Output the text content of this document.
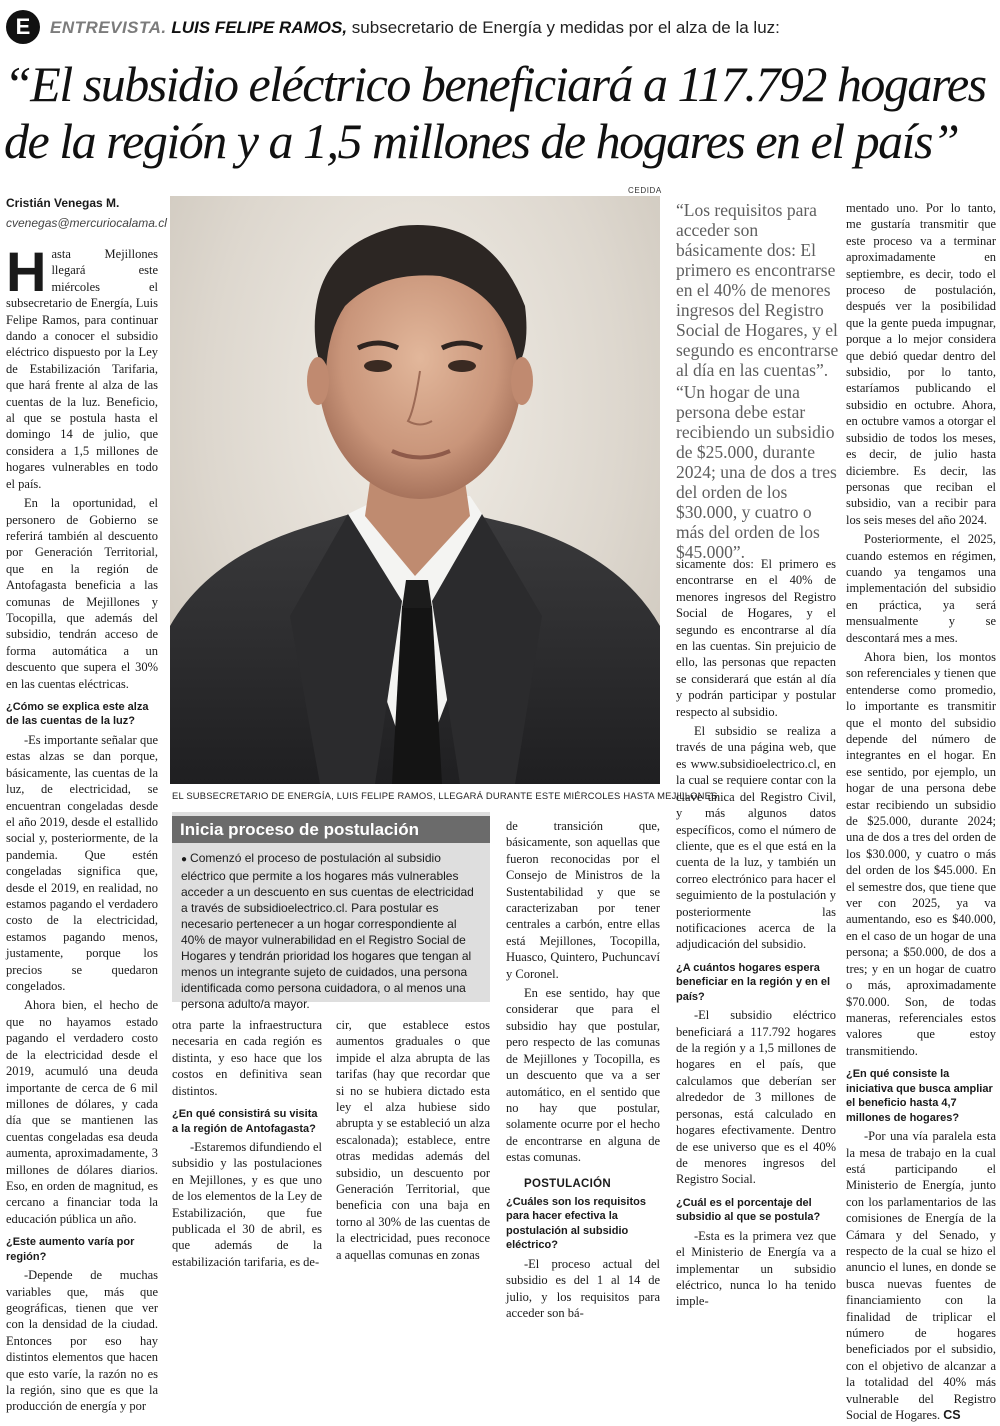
E	ENTREVISTA. LUIS FELIPE RAMOS, subsecretario de Energía y medidas por el alza de la luz:
“El subsidio eléctrico beneficiará a 117.792 hogares
de la región y a 1,5 millones de hogares en el país”
Cristián Venegas M.
cvenegas@mercuriocalama.cl

Hasta Mejillones llegará este miércoles el subsecretario de Energía, Luis Felipe Ramos, para continuar dando a conocer el subsidio eléctrico dispuesto por la Ley de Estabilización Tarifaria, que hará frente al alza de las cuentas de la luz. Beneficio, al que se postula hasta el domingo 14 de julio, que considera a 1,5 millones de hogares vulnerables en todo el país.

En la oportunidad, el personero de Gobierno se referirá también al descuento por Generación Territorial, que en la región de Antofagasta beneficia a las comunas de Mejillones y Tocopilla, que además del subsidio, tendrán acceso de forma automática a un descuento que supera el 30% en las cuentas eléctricas.

¿Cómo se explica este alza de las cuentas de la luz?

-Es importante señalar que estas alzas se dan porque, básicamente, las cuentas de la luz, de electricidad, se encuentran congeladas desde el año 2019, desde el estallido social y, posteriormente, de la pandemia. Que estén congeladas significa que, desde el 2019, en realidad, no estamos pagando el verdadero costo de la electricidad, estamos pagando menos, justamente, porque los precios se quedaron congelados.

Ahora bien, el hecho de que no hayamos estado pagando el verdadero costo de la electricidad desde el 2019, acumuló una deuda importante de cerca de 6 mil millones de dólares, y cada día que se mantienen las cuentas congeladas esa deuda aumenta, aproximadamente, 3 millones de dólares diarios. Eso, en orden de magnitud, es cercano a financiar toda la educación pública un año.

¿Este aumento varía por región?

-Depende de muchas variables que, más que geográficas, tienen que ver con la densidad de la ciudad. Entonces por eso hay distintos elementos que hacen que esto varíe, la razón no es la región, sino que es que la producción de energía y por

CEDIDA
EL SUBSECRETARIO DE ENERGÍA, LUIS FELIPE RAMOS, LLEGARÁ DURANTE ESTE MIÉRCOLES HASTA MEJILLONES.
Inicia proceso de postulación
● Comenzó el proceso de postulación al subsidio eléctrico que permite a los hogares más vulnerables acceder a un descuento en sus cuentas de electricidad a través de subsidioelectrico.cl. Para postular es necesario pertenecer a un hogar correspondiente al 40% de mayor vulnerabilidad en el Registro Social de Hogares y tendrán prioridad los hogares que tengan al menos un integrante sujeto de cuidados, una persona identificada como persona cuidadora, o al menos una persona adulto/a mayor.

otra parte la infraestructura necesaria en cada región es distinta, y eso hace que los costos en definitiva sean distintos.

¿En qué consistirá su visita a la región de Antofagasta?

-Estaremos difundiendo el subsidio y las postulaciones en Mejillones, y es que uno de los elementos de la Ley de Estabilización, que fue publicada el 30 de abril, es que además de la estabilización tarifaria, es de-

cir, que establece estos aumentos graduales o que impide el alza abrupta de las tarifas (hay que recordar que si no se hubiera dictado esta ley el alza hubiese sido abrupta y se estableció un alza escalonada); establece, entre otras medidas además del subsidio, un descuento por Generación Territorial, que beneficia con una baja en torno al 30% de las cuentas de la electricidad, pues reconoce a aquellas comunas en zonas

de transición que, básicamente, son aquellas que fueron reconocidas por el Consejo de Ministros de la Sustentabilidad y que se caracterizaban por tener centrales a carbón, entre ellas está Mejillones, Tocopilla, Huasco, Quintero, Puchuncaví y Coronel.

En ese sentido, hay que considerar que para el subsidio hay que postular, pero respecto de las comunas de Mejillones y Tocopilla, es un descuento que va a ser automático, en el sentido que no hay que postular, solamente ocurre por el hecho de encontrarse en alguna de estas comunas.

POSTULACIÓN

¿Cuáles son los requisitos para hacer efectiva la postulación al subsidio eléctrico?

-El proceso actual del subsidio es del 1 al 14 de julio, y los requisitos para acceder son bá-

“Los requisitos para acceder son básicamente dos: El primero es encontrarse en el 40% de menores ingresos del Registro Social de Hogares, y el segundo es encontrarse al día en las cuentas”.
“Un hogar de una persona debe estar recibiendo un subsidio de $25.000, durante 2024; una de dos a tres del orden de los $30.000, y cuatro o más del orden de los $45.000”.

sicamente dos: El primero es encontrarse en el 40% de menores ingresos del Registro Social de Hogares, y el segundo es encontrarse al día en las cuentas. Sin prejuicio de ello, las personas que repacten se considerará que están al día y podrán participar y postular respecto al subsidio.

El subsidio se realiza a través de una página web, que es www.subsidioelectrico.cl, en la cual se requiere contar con la clave única del Registro Civil, y más algunos datos específicos, como el número de cliente, que es el que está en la cuenta de la luz, y también un correo electrónico para hacer el seguimiento de la postulación y posteriormente las notificaciones acerca de la adjudicación del subsidio.

¿A cuántos hogares espera beneficiar en la región y en el país?

-El subsidio eléctrico beneficiará a 117.792 hogares de la región y a 1,5 millones de hogares en el país, que calculamos que deberían ser alrededor de 3 millones de personas, está calculado en hogares efectivamente. Dentro de ese universo que es el 40% de menores ingresos del Registro Social.

¿Cuál es el porcentaje del subsidio al que se postula?

-Esta es la primera vez que el Ministerio de Energía va a implementar un subsidio eléctrico, nunca lo ha tenido imple-

mentado uno. Por lo tanto, me gustaría transmitir que este proceso va a terminar aproximadamente en septiembre, es decir, todo el proceso de postulación, después ver la posibilidad que la gente pueda impugnar, porque a lo mejor considera que debió quedar dentro del subsidio, por lo tanto, estaríamos publicando el subsidio en octubre. Ahora, en octubre vamos a otorgar el subsidio de todos los meses, es decir, de julio hasta diciembre. Es decir, las personas que reciban el subsidio, van a recibir para los seis meses del año 2024.

Posteriormente, el 2025, cuando estemos en régimen, cuando ya tengamos una implementación del subsidio en práctica, ya será mensualmente y se descontará mes a mes.

Ahora bien, los montos son referenciales y tienen que entenderse como promedio, lo importante es transmitir que el monto del subsidio depende del número de integrantes en el hogar. En ese sentido, por ejemplo, un hogar de una persona debe estar recibiendo un subsidio de $25.000, durante 2024; una de dos a tres del orden de los $30.000, y cuatro o más del orden de los $45.000. En el semestre dos, que tiene que ver con 2025, ya va aumentando, eso es $40.000, en el caso de un hogar de una persona; a $50.000, de dos a tres; y en un hogar de cuatro o más, aproximadamente $70.000. Son, de todas maneras, referenciales estos valores que estoy transmitiendo.

¿En qué consiste la iniciativa que busca ampliar el beneficio hasta 4,7 millones de hogares?

-Por una vía paralela esta la mesa de trabajo en la cual está participando el Ministerio de Energía, junto con los parlamentarios de las comisiones de Energía de la Cámara y del Senado, y respecto de la cual se hizo el anuncio el lunes, en donde se busca nuevas fuentes de financiamiento con la finalidad de triplicar el número de hogares beneficiados por el subsidio, con el objetivo de alcanzar a la totalidad del 40% más vulnerable del Registro Social de Hogares. CS
